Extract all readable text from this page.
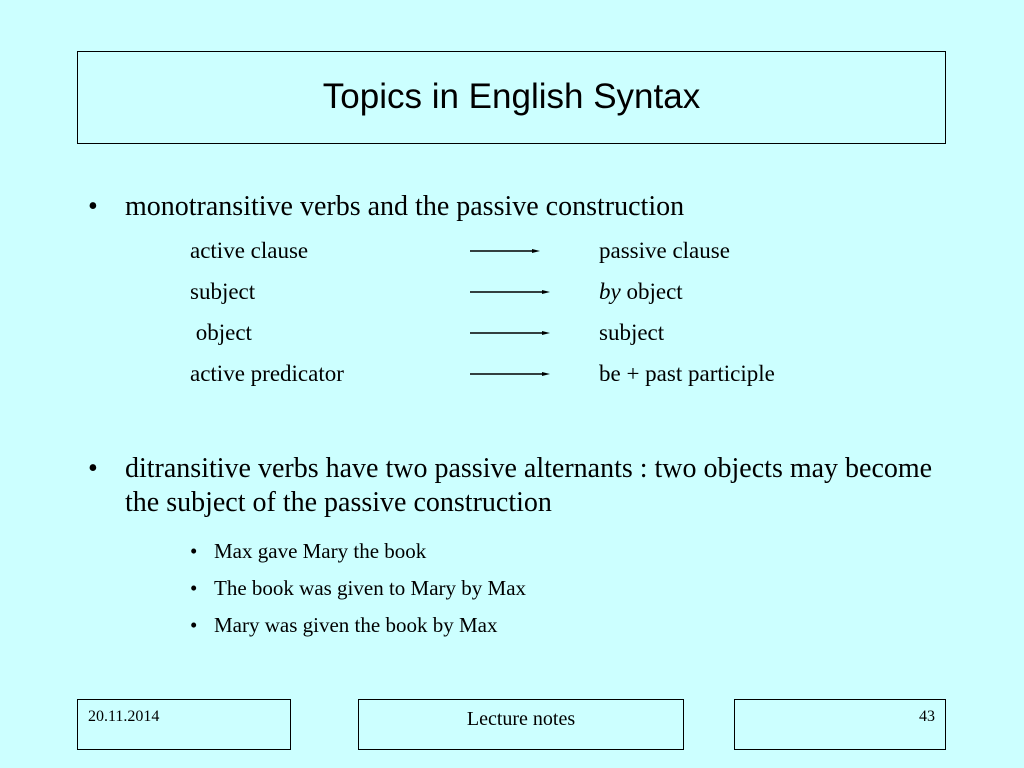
Topics in English Syntax
• monotransitive verbs and the passive construction
active clause	passive clause
subject	by object
object	subject
active predicator	be + past participle
• ditransitive verbs have two passive alternants : two objects may become the subject of the passive construction
• Max gave Mary the book
• The book was given to Mary by Max
• Mary was given the book by Max
20.11.2014	Lecture notes	43
